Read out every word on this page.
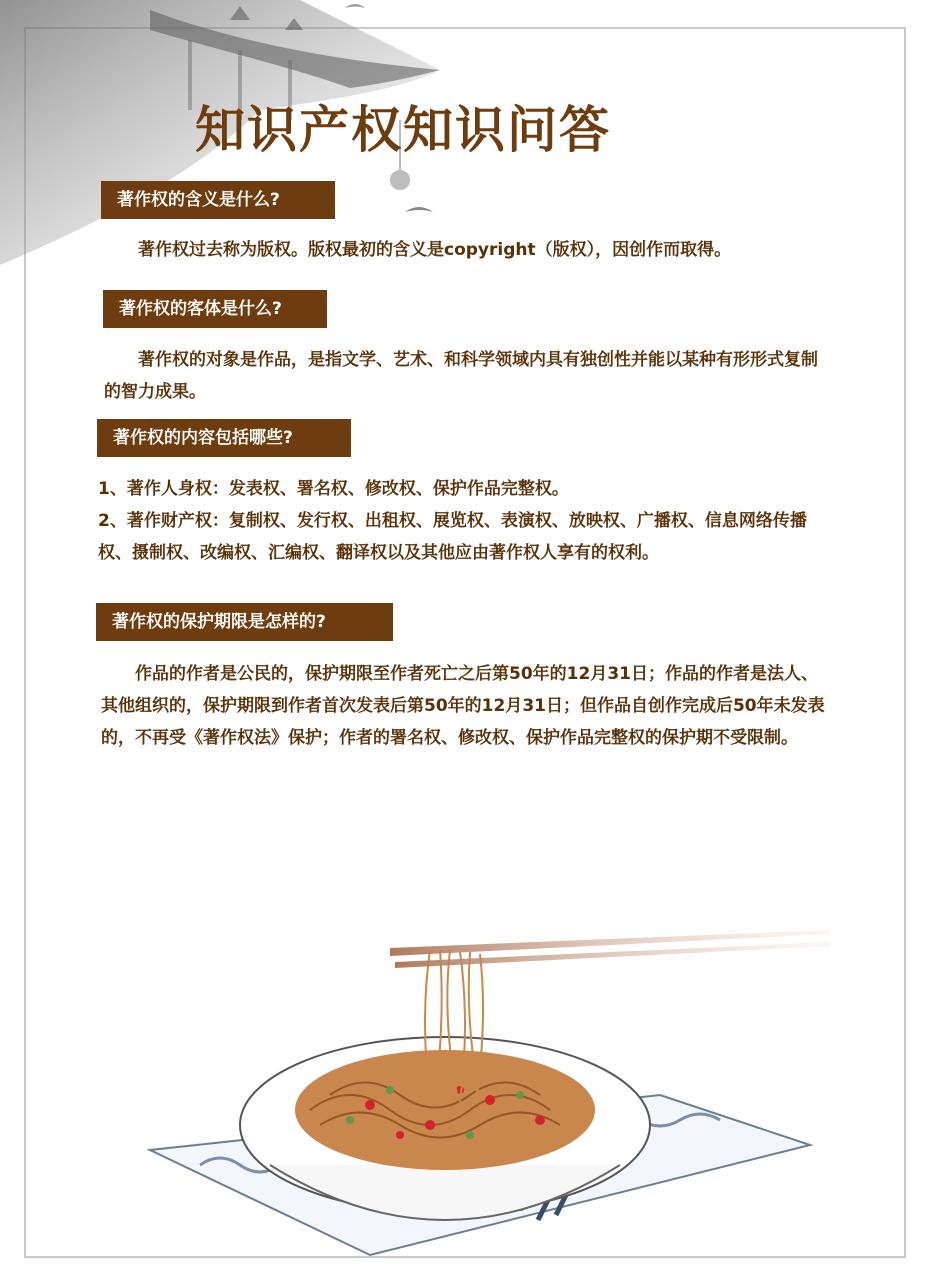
知识产权知识问答
著作权的含义是什么?

著作权过去称为版权。版权最初的含义是copyright（版权），因创作而取得。

著作权的客体是什么?

著作权的对象是作品，是指文学、艺术、和科学领域内具有独创性并能以某种有形形式复制的智力成果。

著作权的内容包括哪些?

1、著作人身权：发表权、署名权、修改权、保护作品完整权。

2、著作财产权：复制权、发行权、出租权、展览权、表演权、放映权、广播权、信息网络传播权、摄制权、改编权、汇编权、翻译权以及其他应由著作权人享有的权利。

著作权的保护期限是怎样的?

作品的作者是公民的，保护期限至作者死亡之后第50年的12月31日；作品的作者是法人、其他组织的，保护期限到作者首次发表后第50年的12月31日；但作品自创作完成后50年未发表的，不再受《著作权法》保护；作者的署名权、修改权、保护作品完整权的保护期不受限制。
